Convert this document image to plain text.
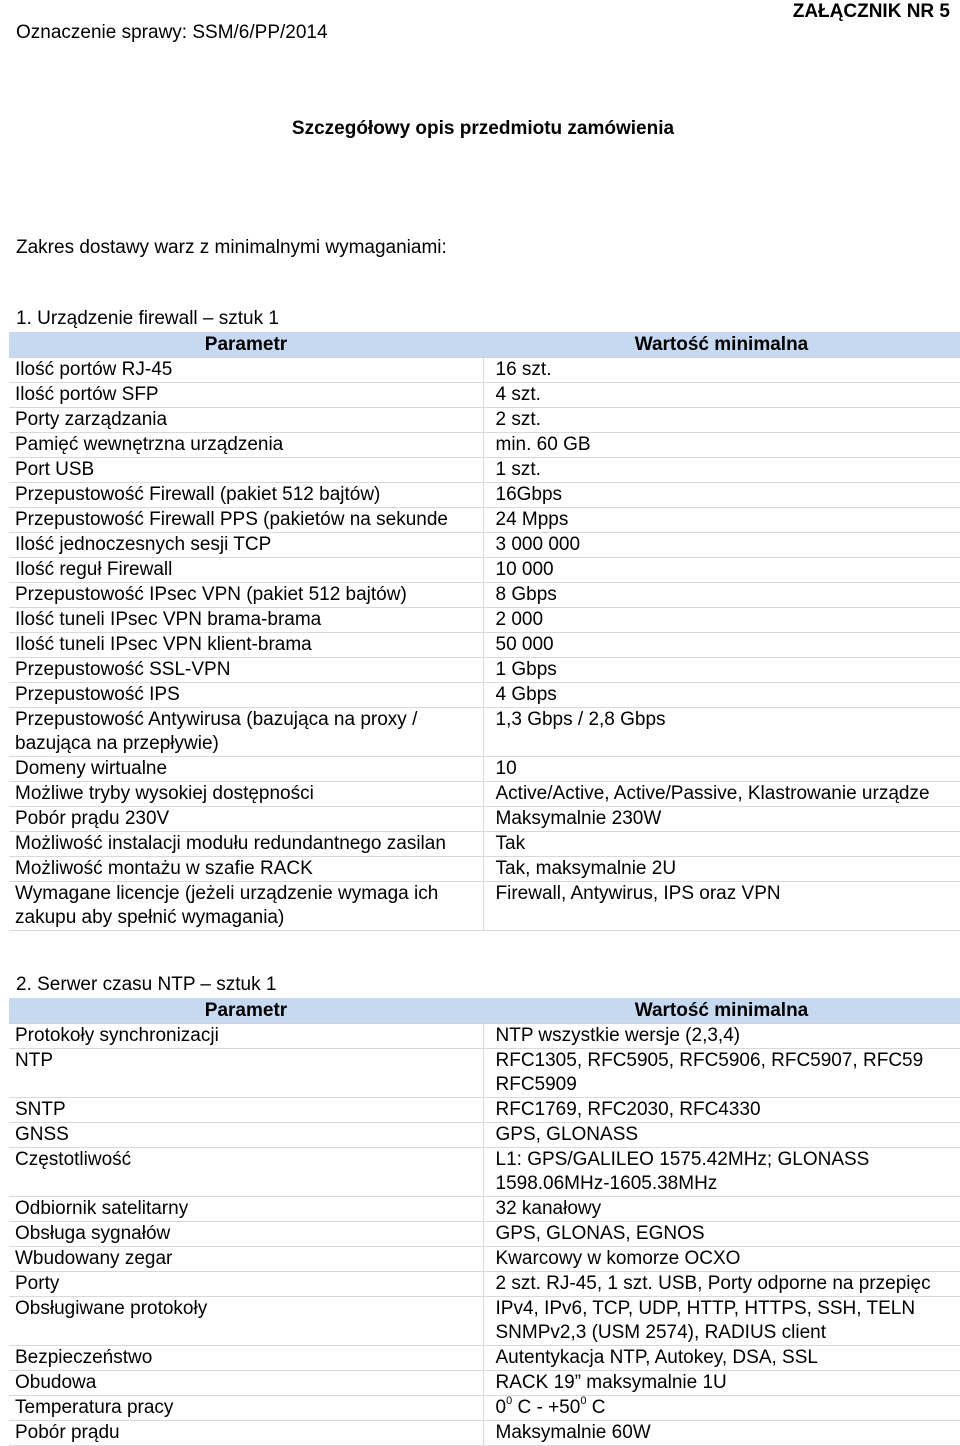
Oznaczenie sprawy: SSM/6/PP/2014
ZAŁĄCZNIK NR 5
Szczegółowy opis przedmiotu zamówienia
Zakres dostawy warz z minimalnymi wymaganiami:
1. Urządzenie firewall – sztuk 1
Parametr	Wartość minimalna
Ilość portów RJ-45	16 szt.
Ilość portów SFP	4 szt.
Porty zarządzania	2 szt.
Pamięć wewnętrzna urządzenia	min. 60 GB
Port USB	1 szt.
Przepustowość Firewall (pakiet 512 bajtów)	16Gbps
Przepustowość Firewall PPS (pakietów na sekunde	24 Mpps
Ilość jednoczesnych sesji TCP	3 000 000
Ilość reguł Firewall	10 000
Przepustowość IPsec VPN (pakiet 512 bajtów)	8 Gbps
Ilość tuneli IPsec VPN brama-brama	2 000
Ilość tuneli IPsec VPN klient-brama	50 000
Przepustowość SSL-VPN	1 Gbps
Przepustowość IPS	4 Gbps
Przepustowość Antywirusa (bazująca na proxy / bazująca na przepływie)	1,3 Gbps / 2,8 Gbps
Domeny wirtualne	10
Możliwe tryby wysokiej dostępności	Active/Active, Active/Passive, Klastrowanie urządze
Pobór prądu 230V	Maksymalnie 230W
Możliwość instalacji modułu redundantnego zasilan	Tak
Możliwość montażu w szafie RACK	Tak, maksymalnie 2U
Wymagane licencje (jeżeli urządzenie wymaga ich zakupu aby spełnić wymagania)	Firewall, Antywirus, IPS oraz VPN
2. Serwer czasu NTP – sztuk 1
Parametr	Wartość minimalna
Protokoły synchronizacji	NTP wszystkie wersje (2,3,4)
NTP	RFC1305, RFC5905, RFC5906, RFC5907, RFC59
RFC5909

SNTP	RFC1769, RFC2030, RFC4330
GNSS	GPS, GLONASS
Częstotliwość	L1: GPS/GALILEO 1575.42MHz; GLONASS
1598.06MHz-1605.38MHz

Odbiornik satelitarny	32 kanałowy
Obsługa sygnałów	GPS, GLONAS, EGNOS
Wbudowany zegar	Kwarcowy w komorze OCXO
Porty	2 szt. RJ-45, 1 szt. USB, Porty odporne na przepięc
Obsługiwane protokoły	IPv4, IPv6, TCP, UDP, HTTP, HTTPS, SSH, TELN
SNMPv2,3 (USM 2574), RADIUS client

Bezpieczeństwo	Autentykacja NTP, Autokey, DSA, SSL
Obudowa	RACK 19” maksymalnie 1U
Temperatura pracy	$0^0$ $C - +50^0$ C
Pobór prądu	Maksymalnie 60W
